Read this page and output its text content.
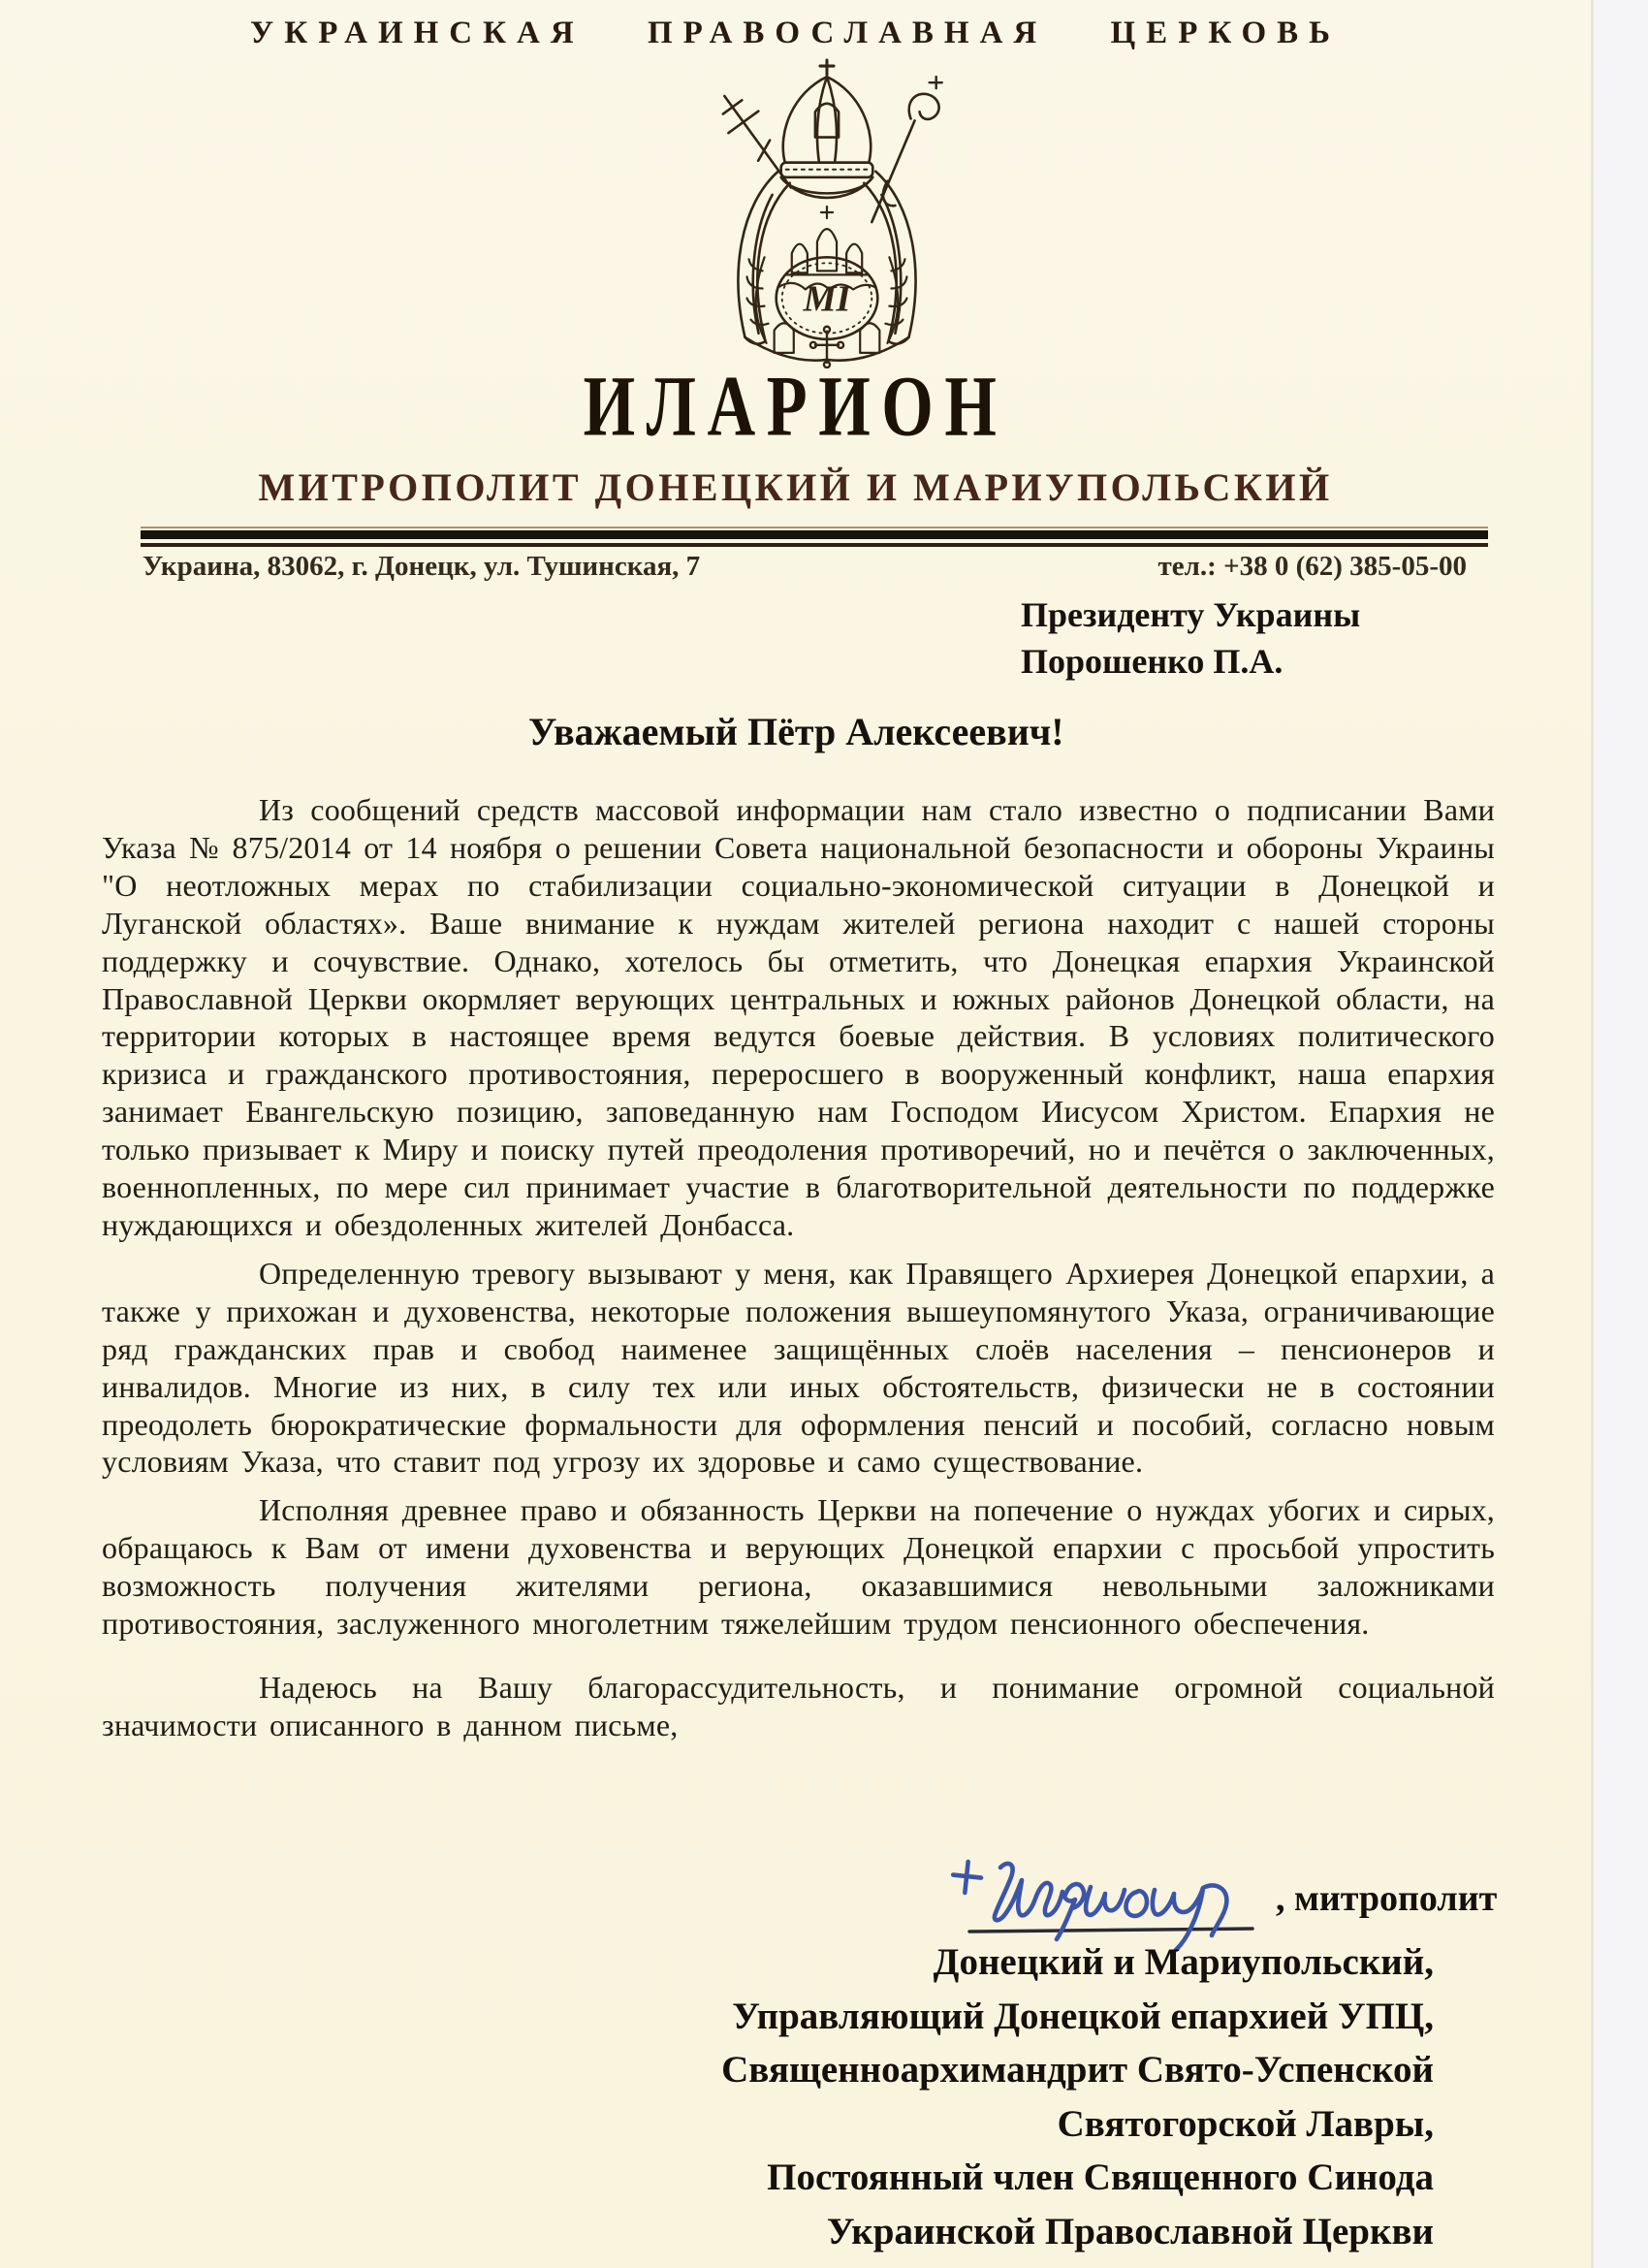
УКРАИНСКАЯ ПРАВОСЛАВНАЯ ЦЕРКОВЬ
МІ
ИЛАРИОН
МИТРОПОЛИТ ДОНЕЦКИЙ И МАРИУПОЛЬСКИЙ
Украина, 83062, г. Донецк, ул. Тушинская, 7	тел.: +38 0 (62) 385-05-00
Президенту Украины
Порошенко П.А.
Уважаемый Пётр Алексеевич!

Из сообщений средств массовой информации нам стало известно о подписании Вами Указа № 875/2014 от 14 ноября о решении Совета национальной безопасности и обороны Украины "О неотложных мерах по стабилизации социально-экономической ситуации в Донецкой и Луганской областях». Ваше внимание к нуждам жителей региона находит с нашей стороны поддержку и сочувствие. Однако, хотелось бы отметить, что Донецкая епархия Украинской Православной Церкви окормляет верующих центральных и южных районов Донецкой области, на территории которых в настоящее время ведутся боевые действия. В условиях политического кризиса и гражданского противостояния, переросшего в вооруженный конфликт, наша епархия занимает Евангельскую позицию, заповеданную нам Господом Иисусом Христом. Епархия не только призывает к Миру и поиску путей преодоления противоречий, но и печётся о заключенных, военнопленных, по мере сил принимает участие в благотворительной деятельности по поддержке нуждающихся и обездоленных жителей Донбасса.

Определенную тревогу вызывают у меня, как Правящего Архиерея Донецкой епархии, а также у прихожан и духовенства, некоторые положения вышеупомянутого Указа, ограничивающие ряд гражданских прав и свобод наименее защищённых слоёв населения – пенсионеров и инвалидов. Многие из них, в силу тех или иных обстоятельств, физически не в состоянии преодолеть бюрократические формальности для оформления пенсий и пособий, согласно новым условиям Указа, что ставит под угрозу их здоровье и само существование.

Исполняя древнее право и обязанность Церкви на попечение о нуждах убогих и сирых, обращаюсь к Вам от имени духовенства и верующих Донецкой епархии с просьбой упростить возможность получения жителями региона, оказавшимися невольными заложниками противостояния, заслуженного многолетним тяжелейшим трудом пенсионного обеспечения.

Надеюсь на Вашу благорассудительность, и понимание огромной социальной значимости описанного в данном письме,

, митрополит
Донецкий и Мариупольский,
Управляющий Донецкой епархией УПЦ,
Священноархимандрит Свято-Успенской
Святогорской Лавры,
Постоянный член Священного Синода
Украинской Православной Церкви
